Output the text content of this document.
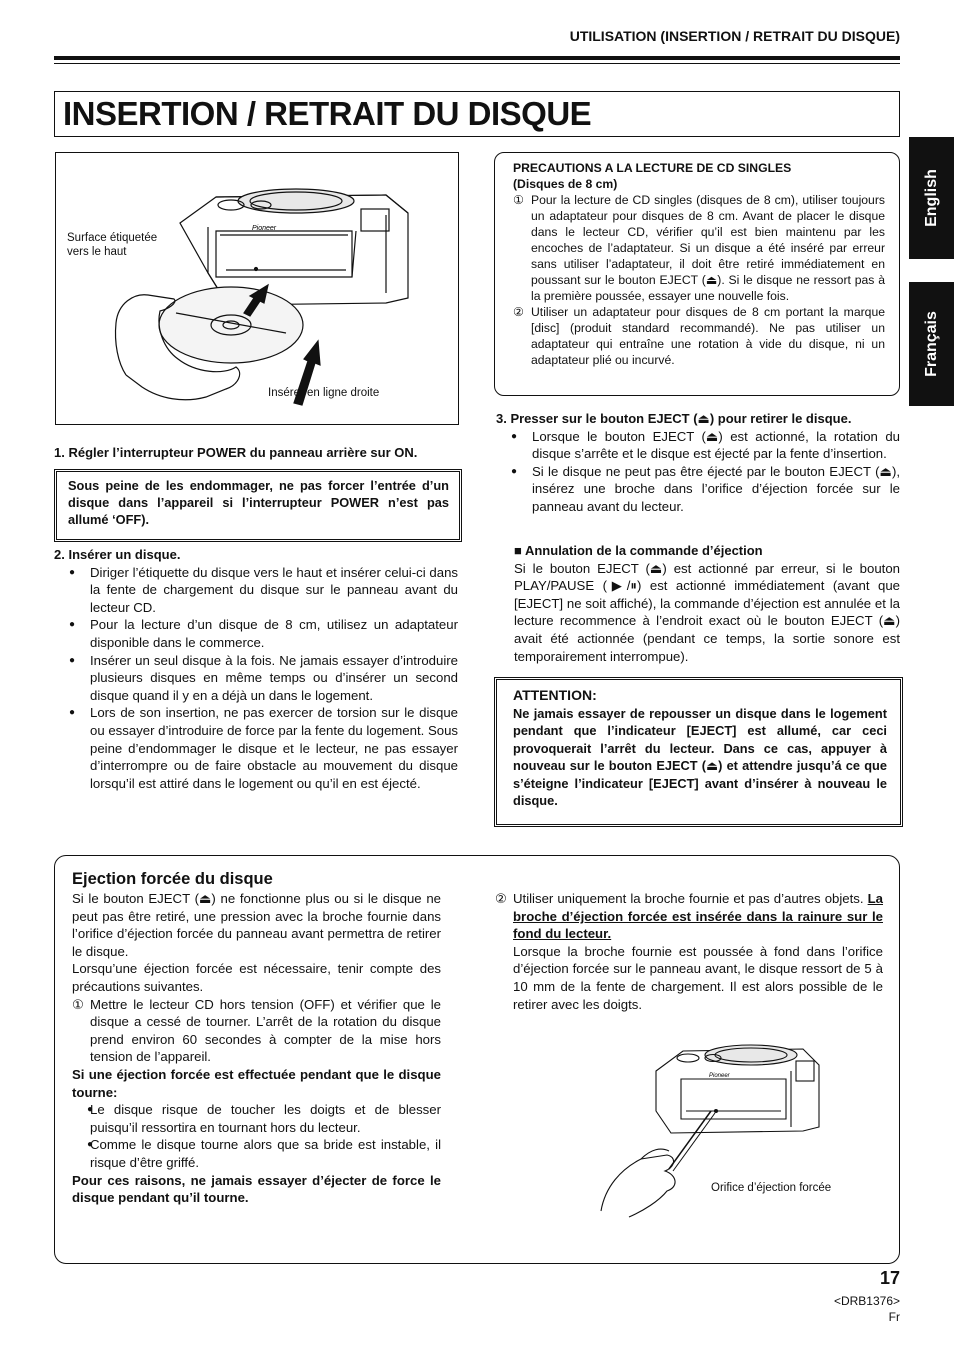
UTILISATION (INSERTION / RETRAIT DU DISQUE)
INSERTION / RETRAIT DU DISQUE
English
Français
Pioneer
Surface étiquetée
vers le haut
Insérer en ligne droite
1. Régler l’interrupteur POWER du panneau arrière sur ON.
Sous peine de les endommager, ne pas forcer l’entrée d’un disque dans l’appareil si l’interrupteur POWER n’est pas allumé ‘OFF).
2. Insérer un disque.
● Diriger l’étiquette du disque vers le haut et insérer celui-ci dans la fente de chargement du disque sur le panneau avant du lecteur CD.
● Pour la lecture d’un disque de 8 cm, utilisez un adaptateur disponible dans le commerce.
● Insérer un seul disque à la fois. Ne jamais essayer d’introduire plusieurs disques en même temps ou d’insérer un second disque quand il y en a déjà un dans le logement.
● Lors de son insertion, ne pas exercer de torsion sur le disque ou essayer d’introduire de force par la fente du logement. Sous peine d’endommager le disque et le lecteur, ne pas essayer d’interrompre ou de faire obstacle au mouvement du disque lorsqu’il est attiré dans le logement ou qu’il en est éjecté.
PRECAUTIONS A LA LECTURE DE CD SINGLES
(Disques de 8 cm)
① Pour la lecture de CD singles (disques de 8 cm), utiliser toujours un adaptateur pour disques de 8 cm. Avant de placer le disque dans le lecteur CD, vérifier qu’il est bien maintenu par les encoches de l’adaptateur. Si un disque a été inséré par erreur sans utiliser l’adaptateur, il doit être retiré immédiatement en poussant sur le bouton EJECT (⏏). Si le disque ne ressort pas à la première poussée, essayer une nouvelle fois.
② Utiliser un adaptateur pour disques de 8 cm portant la marque [disc] (produit standard recommandé). Ne pas utiliser un adaptateur qui entraîne une rotation à vide du disque, ni un adaptateur plié ou incurvé.
3. Presser sur le bouton EJECT (⏏) pour retirer le disque.
● Lorsque le bouton EJECT (⏏) est actionné, la rotation du disque s’arrête et le disque est éjecté par la fente d’insertion.
● Si le disque ne peut pas être éjecté par le bouton EJECT (⏏), insérez une broche dans l’orifice d’éjection forcée sur le panneau avant du lecteur.
■ Annulation de la commande d’éjection
Si le bouton EJECT (⏏) est actionné par erreur, si le bouton PLAY/PAUSE (▶/⏸) est actionné immédiatement (avant que [EJECT] ne soit affiché), la commande d’éjection est annulée et la lecture recommence à l’endroit exact où le bouton EJECT (⏏) avait été actionnée (pendant ce temps, la sortie sonore est temporairement interrompue).
ATTENTION:
Ne jamais essayer de repousser un disque dans le logement pendant que l’indicateur [EJECT] est allumé, car ceci provoquerait l’arrêt du lecteur. Dans ce cas, appuyer à nouveau sur le bouton EJECT (⏏) et attendre jusqu’á ce que s’éteigne l’indicateur [EJECT] avant d’insérer à nouveau le disque.
Ejection forcée du disque
Si le bouton EJECT (⏏) ne fonctionne plus ou si le disque ne peut pas être retiré, une pression avec la broche fournie dans l’orifice d’éjection forcée du panneau avant permettra de retirer le disque.
Lorsqu’une éjection forcée est nécessaire, tenir compte des précautions suivantes.
① Mettre le lecteur CD hors tension (OFF) et vérifier que le disque a cessé de tourner. L’arrêt de la rotation du disque prend environ 60 secondes à compter de la mise hors tension de l’appareil.
Si une éjection forcée est effectuée pendant que le disque tourne:
● Le disque risque de toucher les doigts et de blesser puisqu’il ressortira en tournant hors du lecteur.
● Comme le disque tourne alors que sa bride est instable, il risque d’être griffé.
Pour ces raisons, ne jamais essayer d’éjecter de force le disque pendant qu’il tourne.
② Utiliser uniquement la broche fournie et pas d’autres objets. La broche d’éjection forcée est insérée dans la rainure sur le fond du lecteur.
Lorsque la broche fournie est poussée à fond dans l’orifice d’éjection forcée sur le panneau avant, le disque ressort de 5 à 10 mm de la fente de chargement. Il est alors possible de le retirer avec les doigts.
Pioneer
Orifice d’éjection forcée
17
<DRB1376>
Fr
